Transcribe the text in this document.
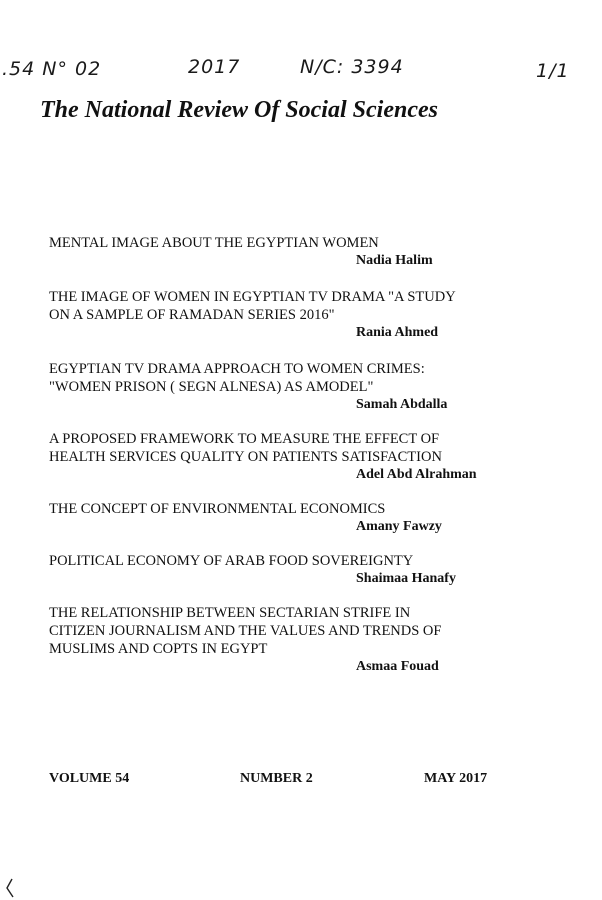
.54 N° 02	2017	N/C: 3394	1/1
The National Review Of Social Sciences
MENTAL IMAGE ABOUT THE EGYPTIAN WOMEN
Nadia Halim
THE IMAGE OF WOMEN IN EGYPTIAN TV DRAMA "A STUDY
ON A SAMPLE OF RAMADAN SERIES 2016"
Rania Ahmed
EGYPTIAN TV DRAMA APPROACH TO WOMEN CRIMES:
"WOMEN PRISON ( SEGN ALNESA) AS AMODEL"
Samah Abdalla
A PROPOSED FRAMEWORK TO MEASURE THE EFFECT OF
HEALTH SERVICES QUALITY ON PATIENTS SATISFACTION
Adel Abd Alrahman
THE CONCEPT OF ENVIRONMENTAL ECONOMICS
Amany Fawzy
POLITICAL ECONOMY OF ARAB FOOD SOVEREIGNTY
Shaimaa Hanafy
THE RELATIONSHIP BETWEEN SECTARIAN STRIFE IN
CITIZEN JOURNALISM AND THE VALUES AND TRENDS OF
MUSLIMS AND COPTS IN EGYPT
Asmaa Fouad
VOLUME 54	NUMBER 2	MAY 2017
